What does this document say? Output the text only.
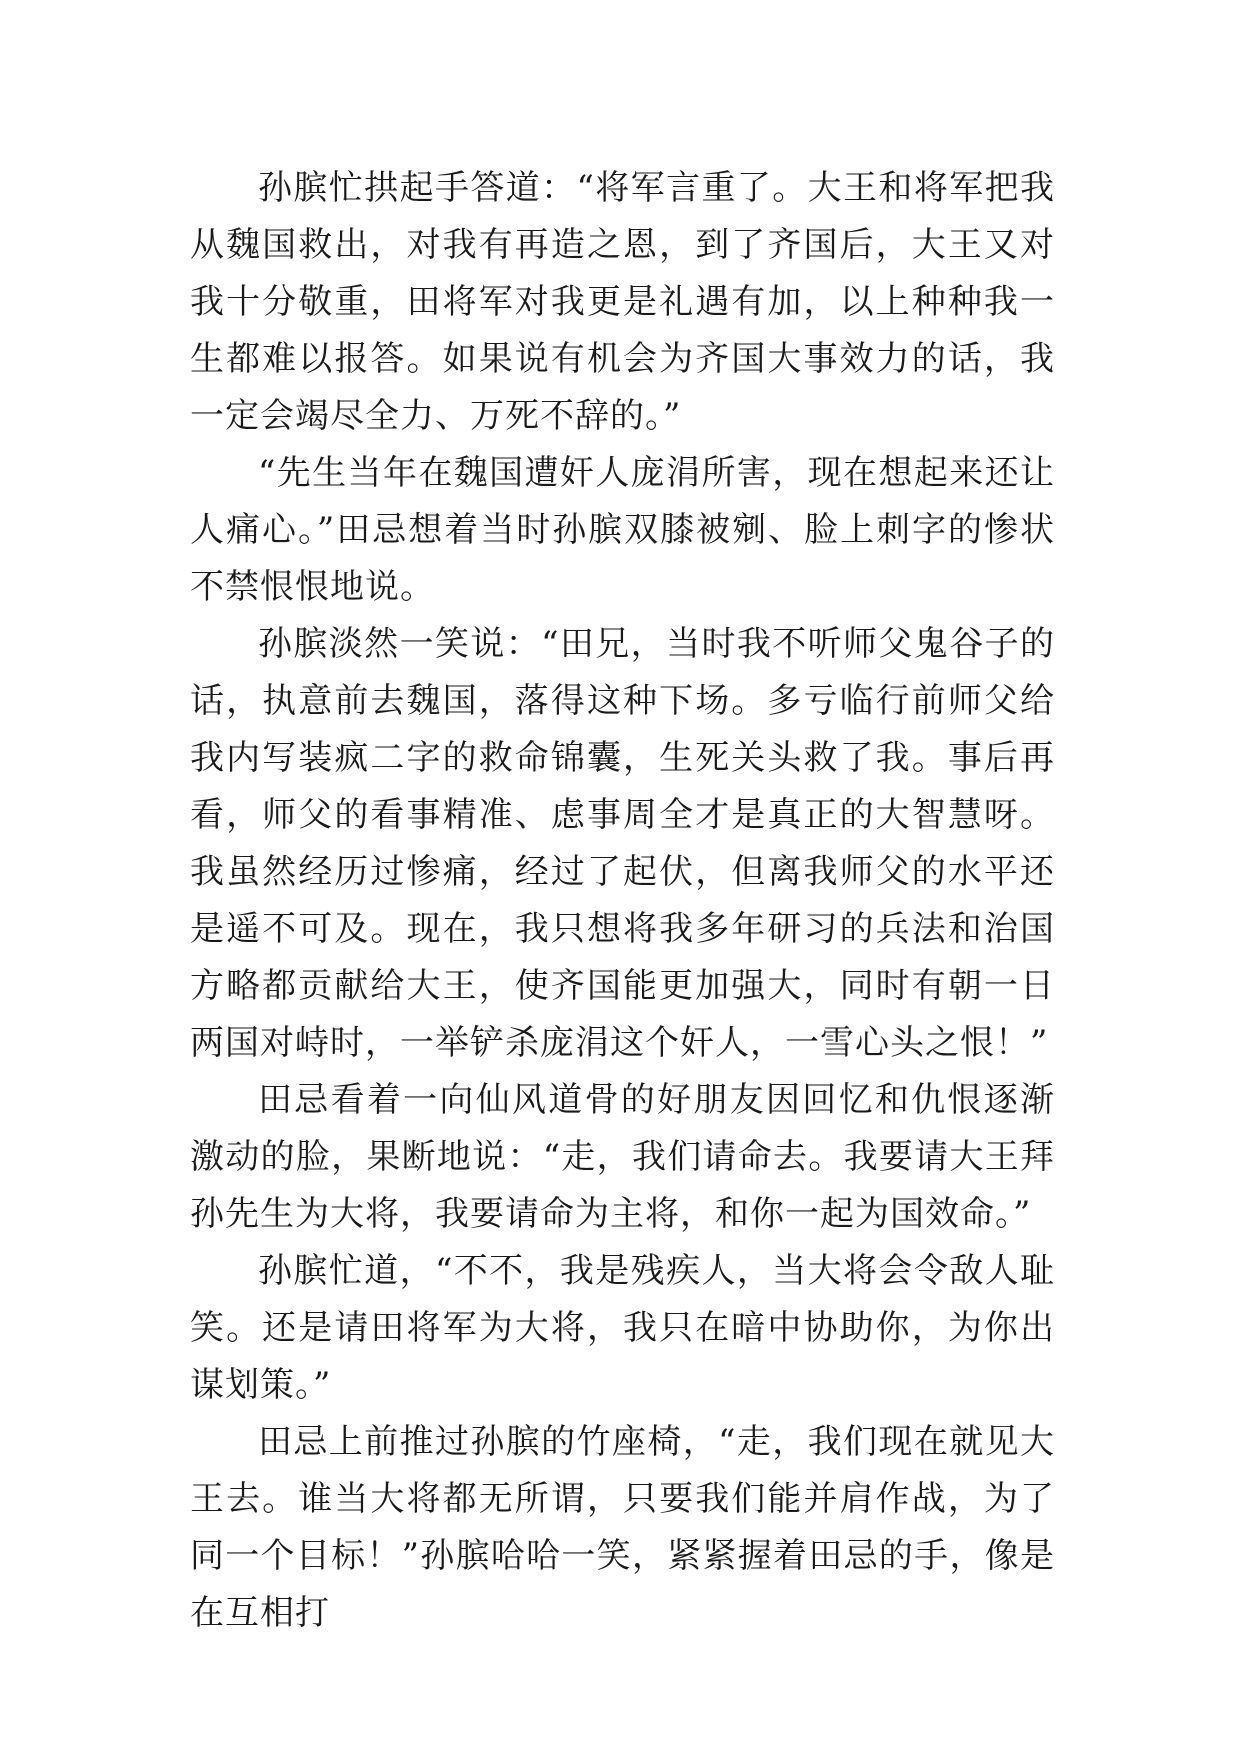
孙膑忙拱起手答道：“将军言重了。大王和将军把我从魏国救出，对我有再造之恩，到了齐国后，大王又对我十分敬重，田将军对我更是礼遇有加，以上种种我一生都难以报答。如果说有机会为齐国大事效力的话，我一定会竭尽全力、万死不辞的。”

“先生当年在魏国遭奸人庞涓所害，现在想起来还让人痛心。”田忌想着当时孙膑双膝被剜、脸上刺字的惨状不禁恨恨地说。

孙膑淡然一笑说：“田兄，当时我不听师父鬼谷子的话，执意前去魏国，落得这种下场。多亏临行前师父给我内写装疯二字的救命锦囊，生死关头救了我。事后再看，师父的看事精准、虑事周全才是真正的大智慧呀。我虽然经历过惨痛，经过了起伏，但离我师父的水平还是遥不可及。现在，我只想将我多年研习的兵法和治国方略都贡献给大王，使齐国能更加强大，同时有朝一日两国对峙时，一举铲杀庞涓这个奸人，一雪心头之恨！”

田忌看着一向仙风道骨的好朋友因回忆和仇恨逐渐激动的脸，果断地说：“走，我们请命去。我要请大王拜孙先生为大将，我要请命为主将，和你一起为国效命。”

孙膑忙道，“不不，我是残疾人，当大将会令敌人耻笑。还是请田将军为大将，我只在暗中协助你，为你出谋划策。”

田忌上前推过孙膑的竹座椅，“走，我们现在就见大王去。谁当大将都无所谓，只要我们能并肩作战，为了同一个目标！”孙膑哈哈一笑，紧紧握着田忌的手，像是在互相打
